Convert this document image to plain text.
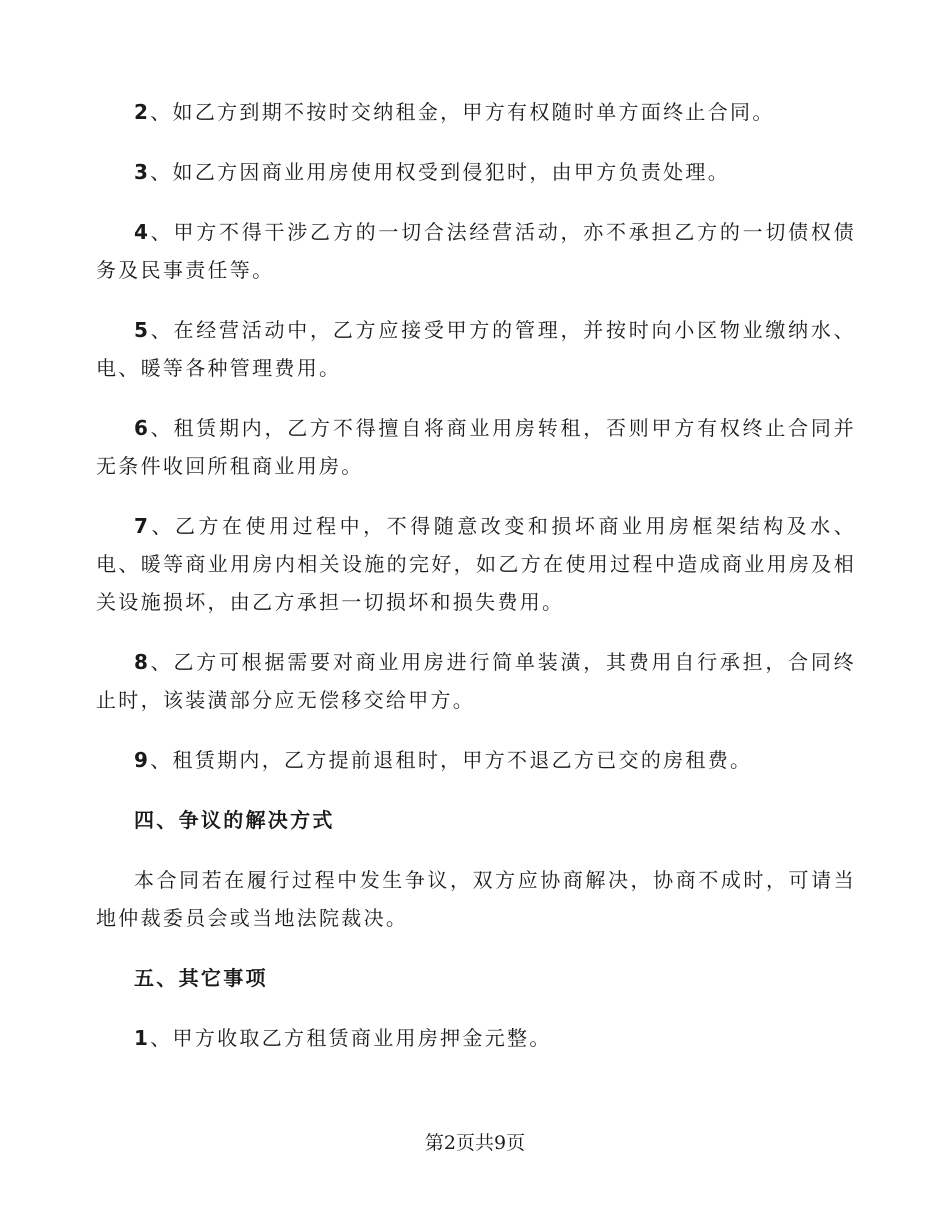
2、如乙方到期不按时交纳租金，甲方有权随时单方面终止合同。

3、如乙方因商业用房使用权受到侵犯时，由甲方负责处理。

4、甲方不得干涉乙方的一切合法经营活动，亦不承担乙方的一切债权债务及民事责任等。

5、在经营活动中，乙方应接受甲方的管理，并按时向小区物业缴纳水、电、暖等各种管理费用。

6、租赁期内，乙方不得擅自将商业用房转租，否则甲方有权终止合同并无条件收回所租商业用房。

7、乙方在使用过程中，不得随意改变和损坏商业用房框架结构及水、电、暖等商业用房内相关设施的完好，如乙方在使用过程中造成商业用房及相关设施损坏，由乙方承担一切损坏和损失费用。

8、乙方可根据需要对商业用房进行简单装潢，其费用自行承担，合同终止时，该装潢部分应无偿移交给甲方。

9、租赁期内，乙方提前退租时，甲方不退乙方已交的房租费。

四、争议的解决方式

本合同若在履行过程中发生争议，双方应协商解决，协商不成时，可请当地仲裁委员会或当地法院裁决。

五、其它事项

1、甲方收取乙方租赁商业用房押金元整。

第2页共9页
